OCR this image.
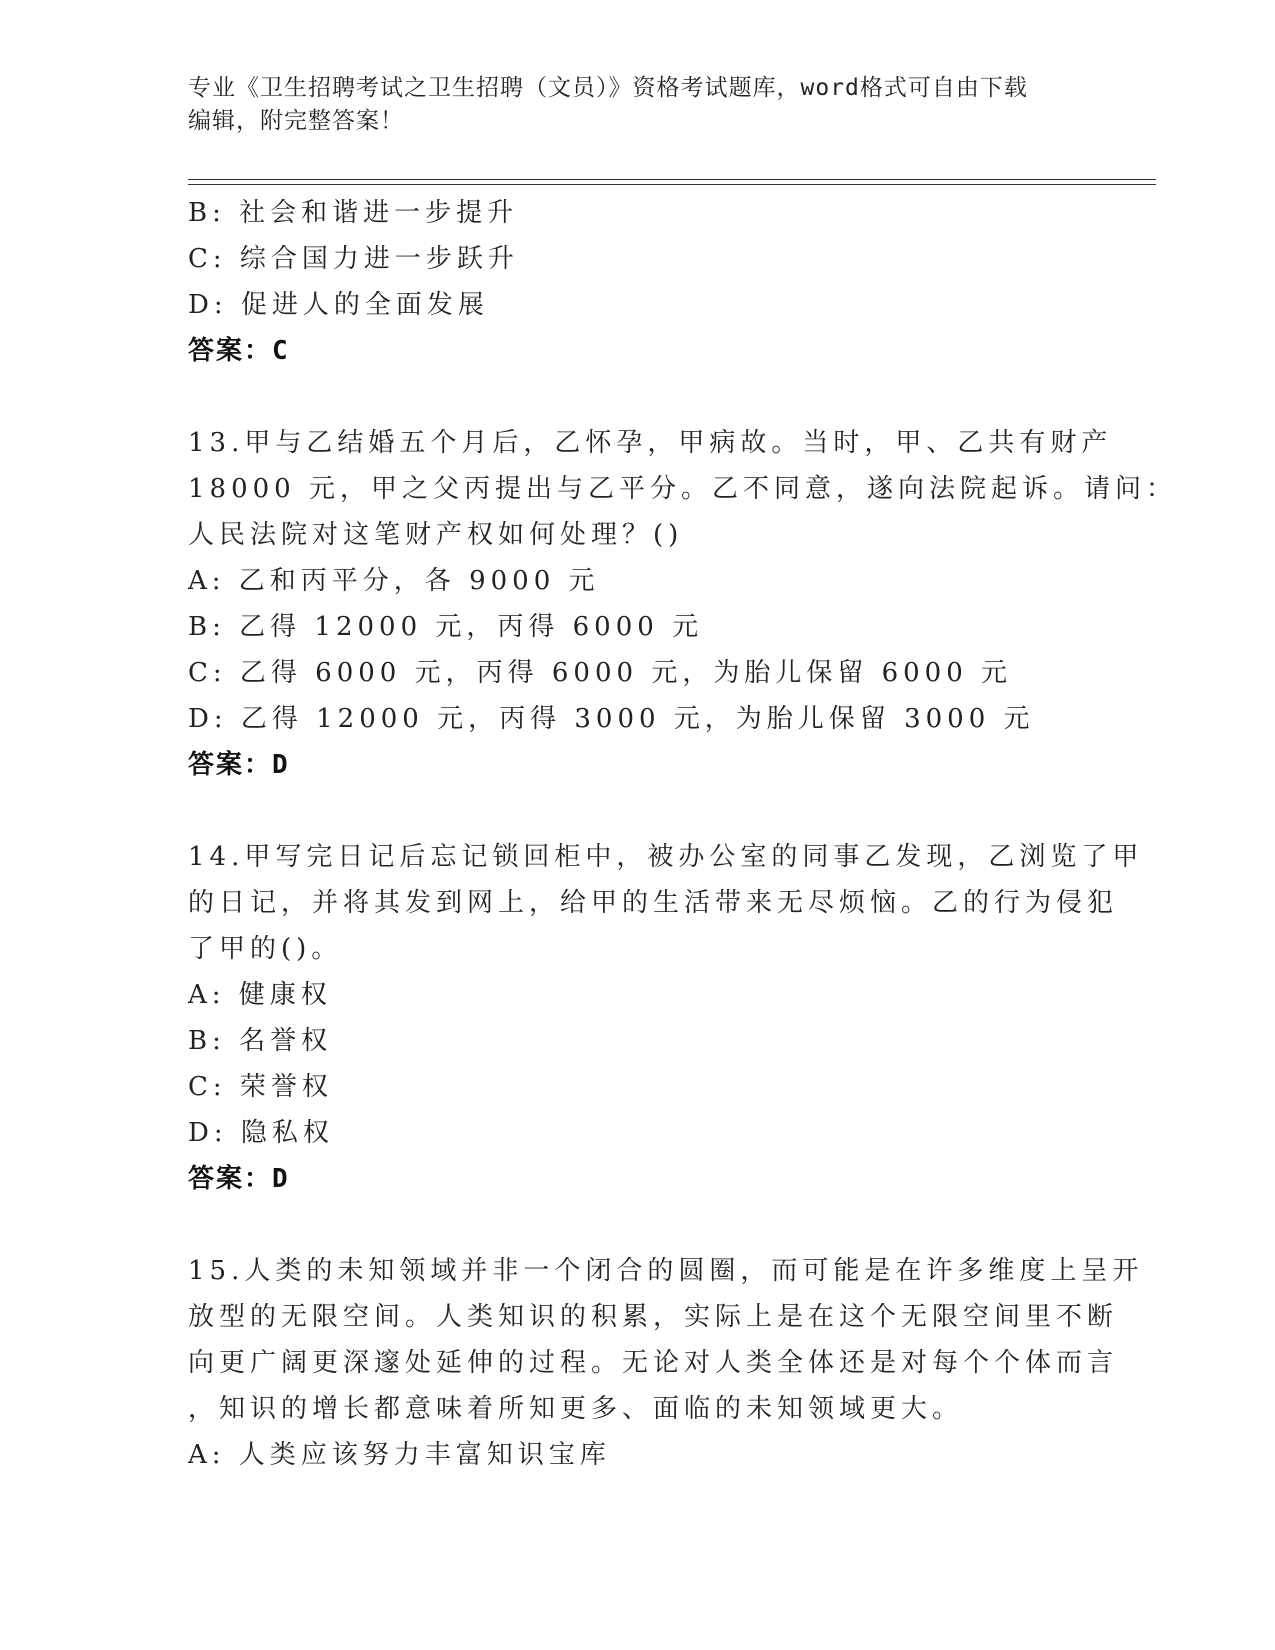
专业《卫生招聘考试之卫生招聘（文员）》资格考试题库，word格式可自由下载
编辑，附完整答案！
B: 社会和谐进一步提升
C: 综合国力进一步跃升
D: 促进人的全面发展
答案：C
13.甲与乙结婚五个月后，乙怀孕，甲病故。当时，甲、乙共有财产
18000 元，甲之父丙提出与乙平分。乙不同意，遂向法院起诉。请问：
人民法院对这笔财产权如何处理？()
A: 乙和丙平分，各 9000 元
B: 乙得 12000 元，丙得 6000 元
C: 乙得 6000 元，丙得 6000 元，为胎儿保留 6000 元
D: 乙得 12000 元，丙得 3000 元，为胎儿保留 3000 元
答案：D
14.甲写完日记后忘记锁回柜中，被办公室的同事乙发现，乙浏览了甲
的日记，并将其发到网上，给甲的生活带来无尽烦恼。乙的行为侵犯
了甲的()。
A: 健康权
B: 名誉权
C: 荣誉权
D: 隐私权
答案：D
15.人类的未知领域并非一个闭合的圆圈，而可能是在许多维度上呈开
放型的无限空间。人类知识的积累，实际上是在这个无限空间里不断
向更广阔更深邃处延伸的过程。无论对人类全体还是对每个个体而言
，知识的增长都意味着所知更多、面临的未知领域更大。
A: 人类应该努力丰富知识宝库
